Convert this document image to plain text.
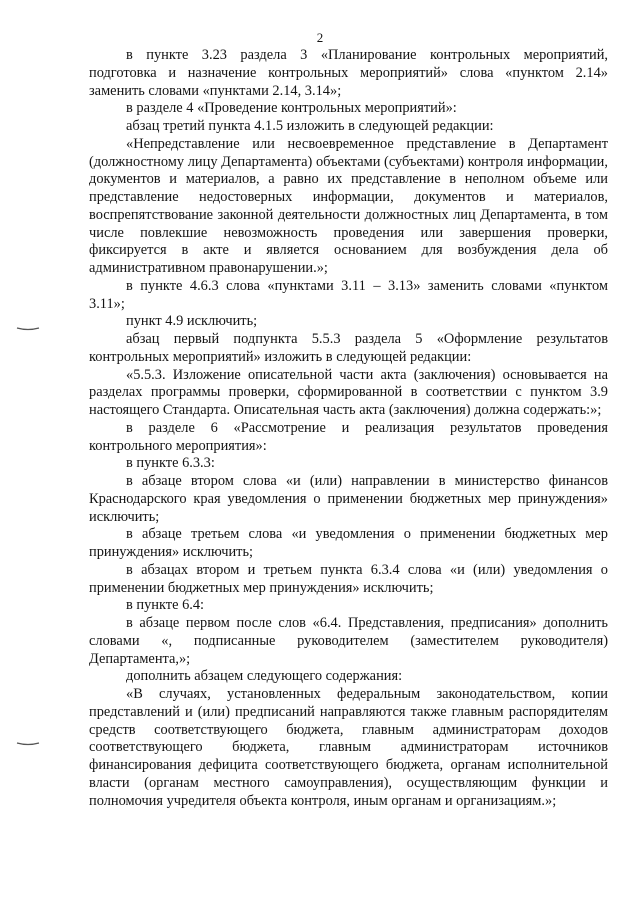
2

в пункте 3.23 раздела 3 «Планирование контрольных мероприятий, подготовка и назначение контрольных мероприятий» слова «пунктом 2.14» заменить словами «пунктами 2.14, 3.14»;

в разделе 4 «Проведение контрольных мероприятий»:

абзац третий пункта 4.1.5 изложить в следующей редакции:

«Непредставление или несвоевременное представление в Департамент (должностному лицу Департамента) объектами (субъектами) контроля информации, документов и материалов, а равно их представление в неполном объеме или представление недостоверных информации, документов и материалов, воспрепятствование законной деятельности должностных лиц Департамента, в том числе повлекшие невозможность проведения или завершения проверки, фиксируется в акте и является основанием для возбуждения дела об административном правонарушении.»;

в пункте 4.6.3 слова «пунктами 3.11 – 3.13» заменить словами «пунктом 3.11»;

пункт 4.9 исключить;

абзац первый подпункта 5.5.3 раздела 5 «Оформление результатов контрольных мероприятий» изложить в следующей редакции:

«5.5.3. Изложение описательной части акта (заключения) основывается на разделах программы проверки, сформированной в соответствии с пунктом 3.9 настоящего Стандарта. Описательная часть акта (заключения) должна содержать:»;

в разделе 6 «Рассмотрение и реализация результатов проведения контрольного мероприятия»:

в пункте 6.3.3:

в абзаце втором слова «и (или) направлении в министерство финансов Краснодарского края уведомления о применении бюджетных мер принуждения» исключить;

в абзаце третьем слова «и уведомления о применении бюджетных мер принуждения» исключить;

в абзацах втором и третьем пункта 6.3.4 слова «и (или) уведомления о применении бюджетных мер принуждения» исключить;

в пункте 6.4:

в абзаце первом после слов «6.4. Представления, предписания» дополнить словами «, подписанные руководителем (заместителем руководителя) Департамента,»;

дополнить абзацем следующего содержания:

«В случаях, установленных федеральным законодательством, копии представлений и (или) предписаний направляются также главным распорядителям средств соответствующего бюджета, главным администраторам доходов соответствующего бюджета, главным администраторам источников финансирования дефицита соответствующего бюджета, органам исполнительной власти (органам местного самоуправления), осуществляющим функции и полномочия учредителя объекта контроля, иным органам и организациям.»;
